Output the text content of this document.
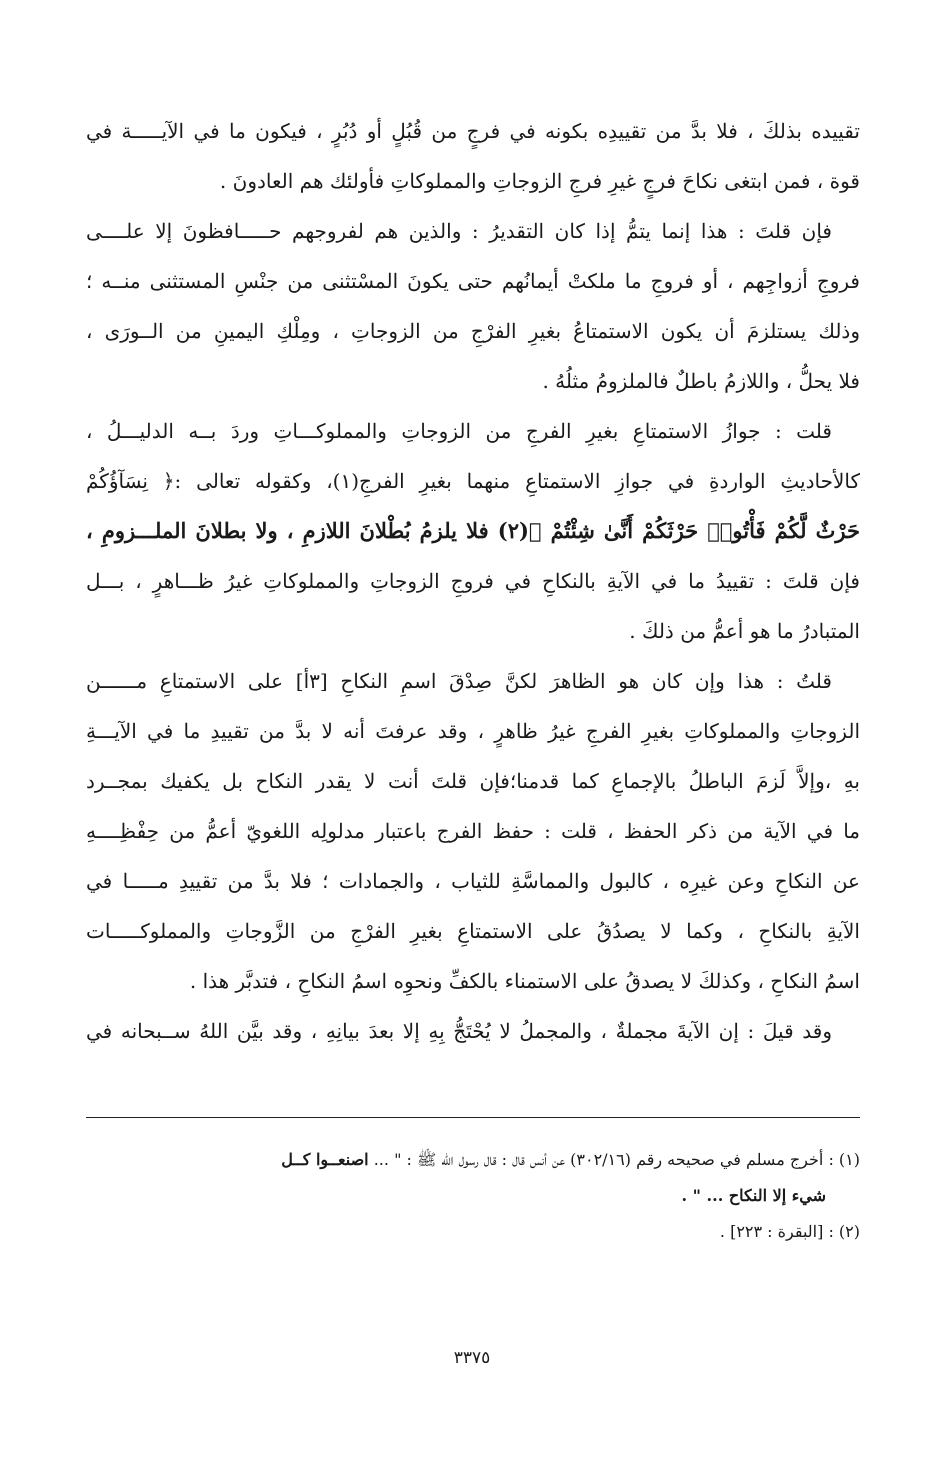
تقييده بذلكَ ، فلا بدَّ من تقييدِه بكونه في فرجٍ من قُبُلٍ أو دُبُرٍ ، فيكون ما في الآيـــــة في
قوة ، فمن ابتغى نكاحَ فرجٍ غيرِ فرجِ الزوجاتِ والمملوكاتِ فأولئك هم العادونَ .
فإن قلتَ : هذا إنما يتمُّ إذا كان التقديرُ : والذين هم لفروجهم حـــــافظونَ إلا علــــى
فروجِ أزواجِهم ، أو فروجِ ما ملكتْ أيمانُهم حتى يكونَ المسْتثنى من جنْسِ المستثنى منــه ؛
وذلك يستلزمَ أن يكون الاستمتاعُ بغيرِ الفرْجِ من الزوجاتِ ، ومِلْكِ اليمينِ من الــورَى ،
فلا يحلُّ ، واللازمُ باطلٌ فالملزومُ مثلُهُ .
قلت : جوازُ الاستمتاعِ بغيرِ الفرجِ من الزوجاتِ والمملوكـــاتِ وردَ بــه الدليـــلُ ،
كالأحاديثِ الواردةِ في جوازِ الاستمتاعِ منهما بغيرِ الفرجِ(١)، وكقوله تعالى :﴿ نِسَآؤُكُمْ
حَرْثٌ لَّكُمْ فَأْتُوا۟ حَرْثَكُمْ أَنَّىٰ شِئْتُمْ ﴾(٢) فلا يلزمُ بُطْلانَ اللازمِ ، ولا بطلانَ الملـــزومِ ،
فإن قلتَ : تقييدُ ما في الآيةِ بالنكاحِ في فروجِ الزوجاتِ والمملوكاتِ غيرُ ظـــاهرٍ ، بـــل
المتبادرُ ما هو أعمُّ من ذلكَ .
قلتُ : هذا وإن كان هو الظاهرَ لكنَّ صِدْقَ اسمِ النكاحِ [٣أ] على الاستمتاعِ مــــــن
الزوجاتِ والمملوكاتِ بغيرِ الفرجِ غيرُ ظاهرٍ ، وقد عرفتَ أنه لا بدَّ من تقييدِ ما في الآيـــةِ
بهِ ،وإلاَّ لَزمَ الباطلُ بالإجماعِ كما قدمنا؛فإن قلتَ أنت لا يقدر النكاح بل يكفيك بمجــرد
ما في الآية من ذكر الحفظ ، قلت : حفظ الفرج باعتبار مدلولِه اللغويّ أعمُّ من حِفْظِــــهِ
عن النكاحِ وعن غيرِه ، كالبول والمماسَّةِ للثياب ، والجمادات ؛ فلا بدَّ من تقييدِ مـــــا في
الآيةِ بالنكاحِ ، وكما لا يصدُقُ على الاستمتاعِ بغيرِ الفرْجِ من الزَّوجاتِ والمملوكـــــات
اسمُ النكاحِ ، وكذلكَ لا يصدقُ على الاستمناء بالكفِّ ونحوِه اسمُ النكاحِ ، فتدبَّر هذا .
وقد قيلَ : إن الآيةَ مجملةٌ ، والمجملُ لا يُحْتَجُّ بِهِ إلا بعدَ بيانِهِ ، وقد بيَّن اللهُ ســبحانه في
(١) : أخرج مسلم في صحيحه رقم (٣٠٢/١٦) عن أنس قال : قال رسول الله ﷺ : " ... اصنعــوا كــل
شيء إلا النكاح ... " .
(٢) : [البقرة : ٢٢٣] .
٣٣٧٥
